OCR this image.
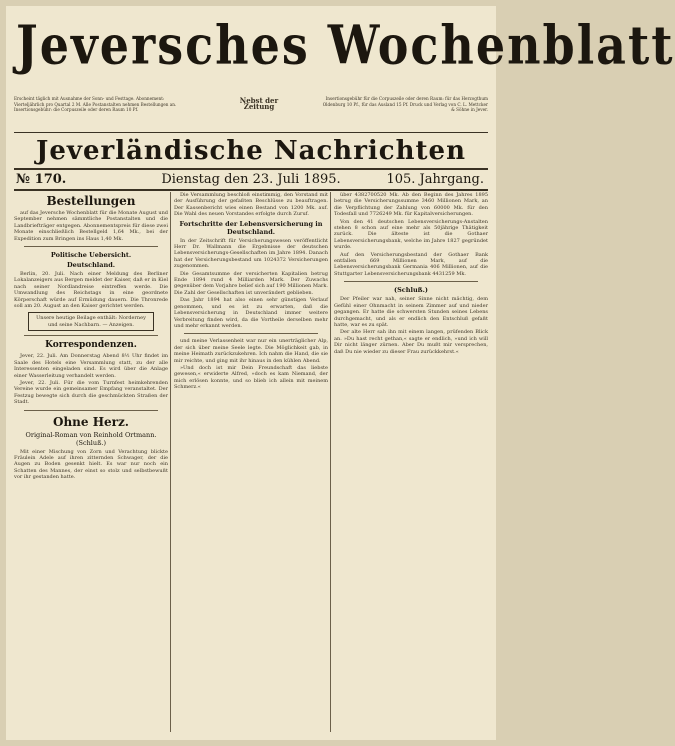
Jeversches Wochenblatt
Erscheint täglich mit Ausnahme der Sonn- und Festtage. Abonnement: Vierteljährlich pro Quartal 2 M. Alle Postanstalten nehmen Bestellungen an. Insertionsgebühr: die Corpuszeile oder deren Raum 10 Pf.
Nebst der Zeitung
Insertionsgebühr für die Corpuszeile oder deren Raum: für das Herzogthum Oldenburg 10 Pf., für das Ausland 15 Pf. Druck und Verlag von C. L. Mettcker & Söhne in Jever.
Jeverländische Nachrichten
№ 170.	Dienstag den 23. Juli 1895.	105. Jahrgang.
Bestellungen

auf das Jeversche Wochenblatt für die Monate August und September nehmen sämmtliche Postanstalten und die Landbriefträger entgegen. Abonnementspreis für diese zwei Monate einschließlich Bestellgeld 1,64 Mk., bei der Expedition zum Bringen ins Haus 1,40 Mk.

Politische Uebersicht.
Deutschland.

Berlin, 20. Juli. Nach einer Meldung des Berliner Lokalanzeigers aus Bergen meldet der Kaiser, daß er in Kiel nach seiner Nordlandreise eintreffen werde. Die Umwandlung des Reichstags in eine geordnete Körperschaft würde auf Ermüdung dauern. Die Thronrede soll am 20. August an den Kaiser gerichtet werden.

Unsere heutige Beilage enthält: Norderney und seine Nachbarn. — Anzeigen.
Korrespondenzen.

Jever, 22. Juli. Am Donnerstag Abend 8½ Uhr findet im Saale des Hotels eine Versammlung statt, zu der alle Interessenten eingeladen sind. Es wird über die Anlage einer Wasserleitung verhandelt werden.

Jever, 22. Juli. Für die vom Turnfest heimkehrenden Vereine wurde ein gemeinsamer Empfang veranstaltet. Der Festzug bewegte sich durch die geschmückten Straßen der Stadt.

Ohne Herz.
Original-Roman von Reinhold Ortmann. (Schluß.)

Mit einer Mischung von Zorn und Verachtung blickte Fräulein Adele auf ihren zitternden Schwager, der die Augen zu Boden gesenkt hielt. Es war nur noch ein Schatten des Mannes, der einst so stolz und selbstbewußt vor ihr gestanden hatte.

Die Versammlung beschloß einstimmig, den Vorstand mit der Ausführung der gefaßten Beschlüsse zu beauftragen. Der Kassenbericht wies einen Bestand von 1200 Mk. auf. Die Wahl des neuen Vorstandes erfolgte durch Zuruf.

Fortschritte der Lebensversicherung in Deutschland.

In der Zeitschrift für Versicherungswesen veröffentlicht Herr Dr. Wallmann die Ergebnisse der deutschen Lebensversicherungs-Gesellschaften im Jahre 1894. Danach hat der Versicherungsbestand um 1024372 Versicherungen zugenommen.

Die Gesamtsumme der versicherten Kapitalien betrug Ende 1894 rund 4 Milliarden Mark. Der Zuwachs gegenüber dem Vorjahre belief sich auf 190 Millionen Mark. Die Zahl der Gesellschaften ist unverändert geblieben.

Das Jahr 1894 hat also einen sehr günstigen Verlauf genommen, und es ist zu erwarten, daß die Lebensversicherung in Deutschland immer weitere Verbreitung finden wird, da die Vortheile derselben mehr und mehr erkannt werden.

und meine Verlassenheit war nur ein unerträglicher Alp, der sich über meine Seele legte. Die Möglichkeit gab, in meine Heimath zurückzukehren. Ich nahm die Hand, die sie mir reichte, und ging mit ihr hinaus in den kühlen Abend.

»Und doch ist mir Dein Freundschaft das liebste gewesen,« erwiderte Alfred, »doch es kam Niemand, der mich erlösen konnte, und so blieb ich allein mit meinem Schmerz.«

über 4382700520 Mk. Ab den Beginn des Jahres 1895 betrug die Versicherungssumme 3460 Millionen Mark, an die Verpflichtung der Zahlung von 60000 Mk. für den Todesfall und 7726249 Mk. für Kapitalversicherungen.

Von den 41 deutschen Lebensversicherungs-Anstalten stehen 8 schon auf eine mehr als 50jährige Thätigkeit zurück. Die älteste ist die Gothaer Lebensversicherungsbank, welche im Jahre 1827 gegründet wurde.

Auf den Versicherungsbestand der Gothaer Bank entfallen 669 Millionen Mark, auf die Lebensversicherungsbank Germania 406 Millionen, auf die Stuttgarter Lebensversicherungsbank 4431259 Mk.

(Schluß.)

Der Pfeiler war nah, seiner Sinne nicht mächtig, dem Gefühl einer Ohnmacht in seinem Zimmer auf und nieder gegangen. Er hatte die schwersten Stunden seines Lebens durchgemacht, und als er endlich den Entschluß gefaßt hatte, war es zu spät.

Der alte Herr sah ihn mit einem langen, prüfenden Blick an. »Du hast recht gethan,« sagte er endlich, »und ich will Dir nicht länger zürnen. Aber Du mußt mir versprechen, daß Du nie wieder zu dieser Frau zurückkehrst.«
